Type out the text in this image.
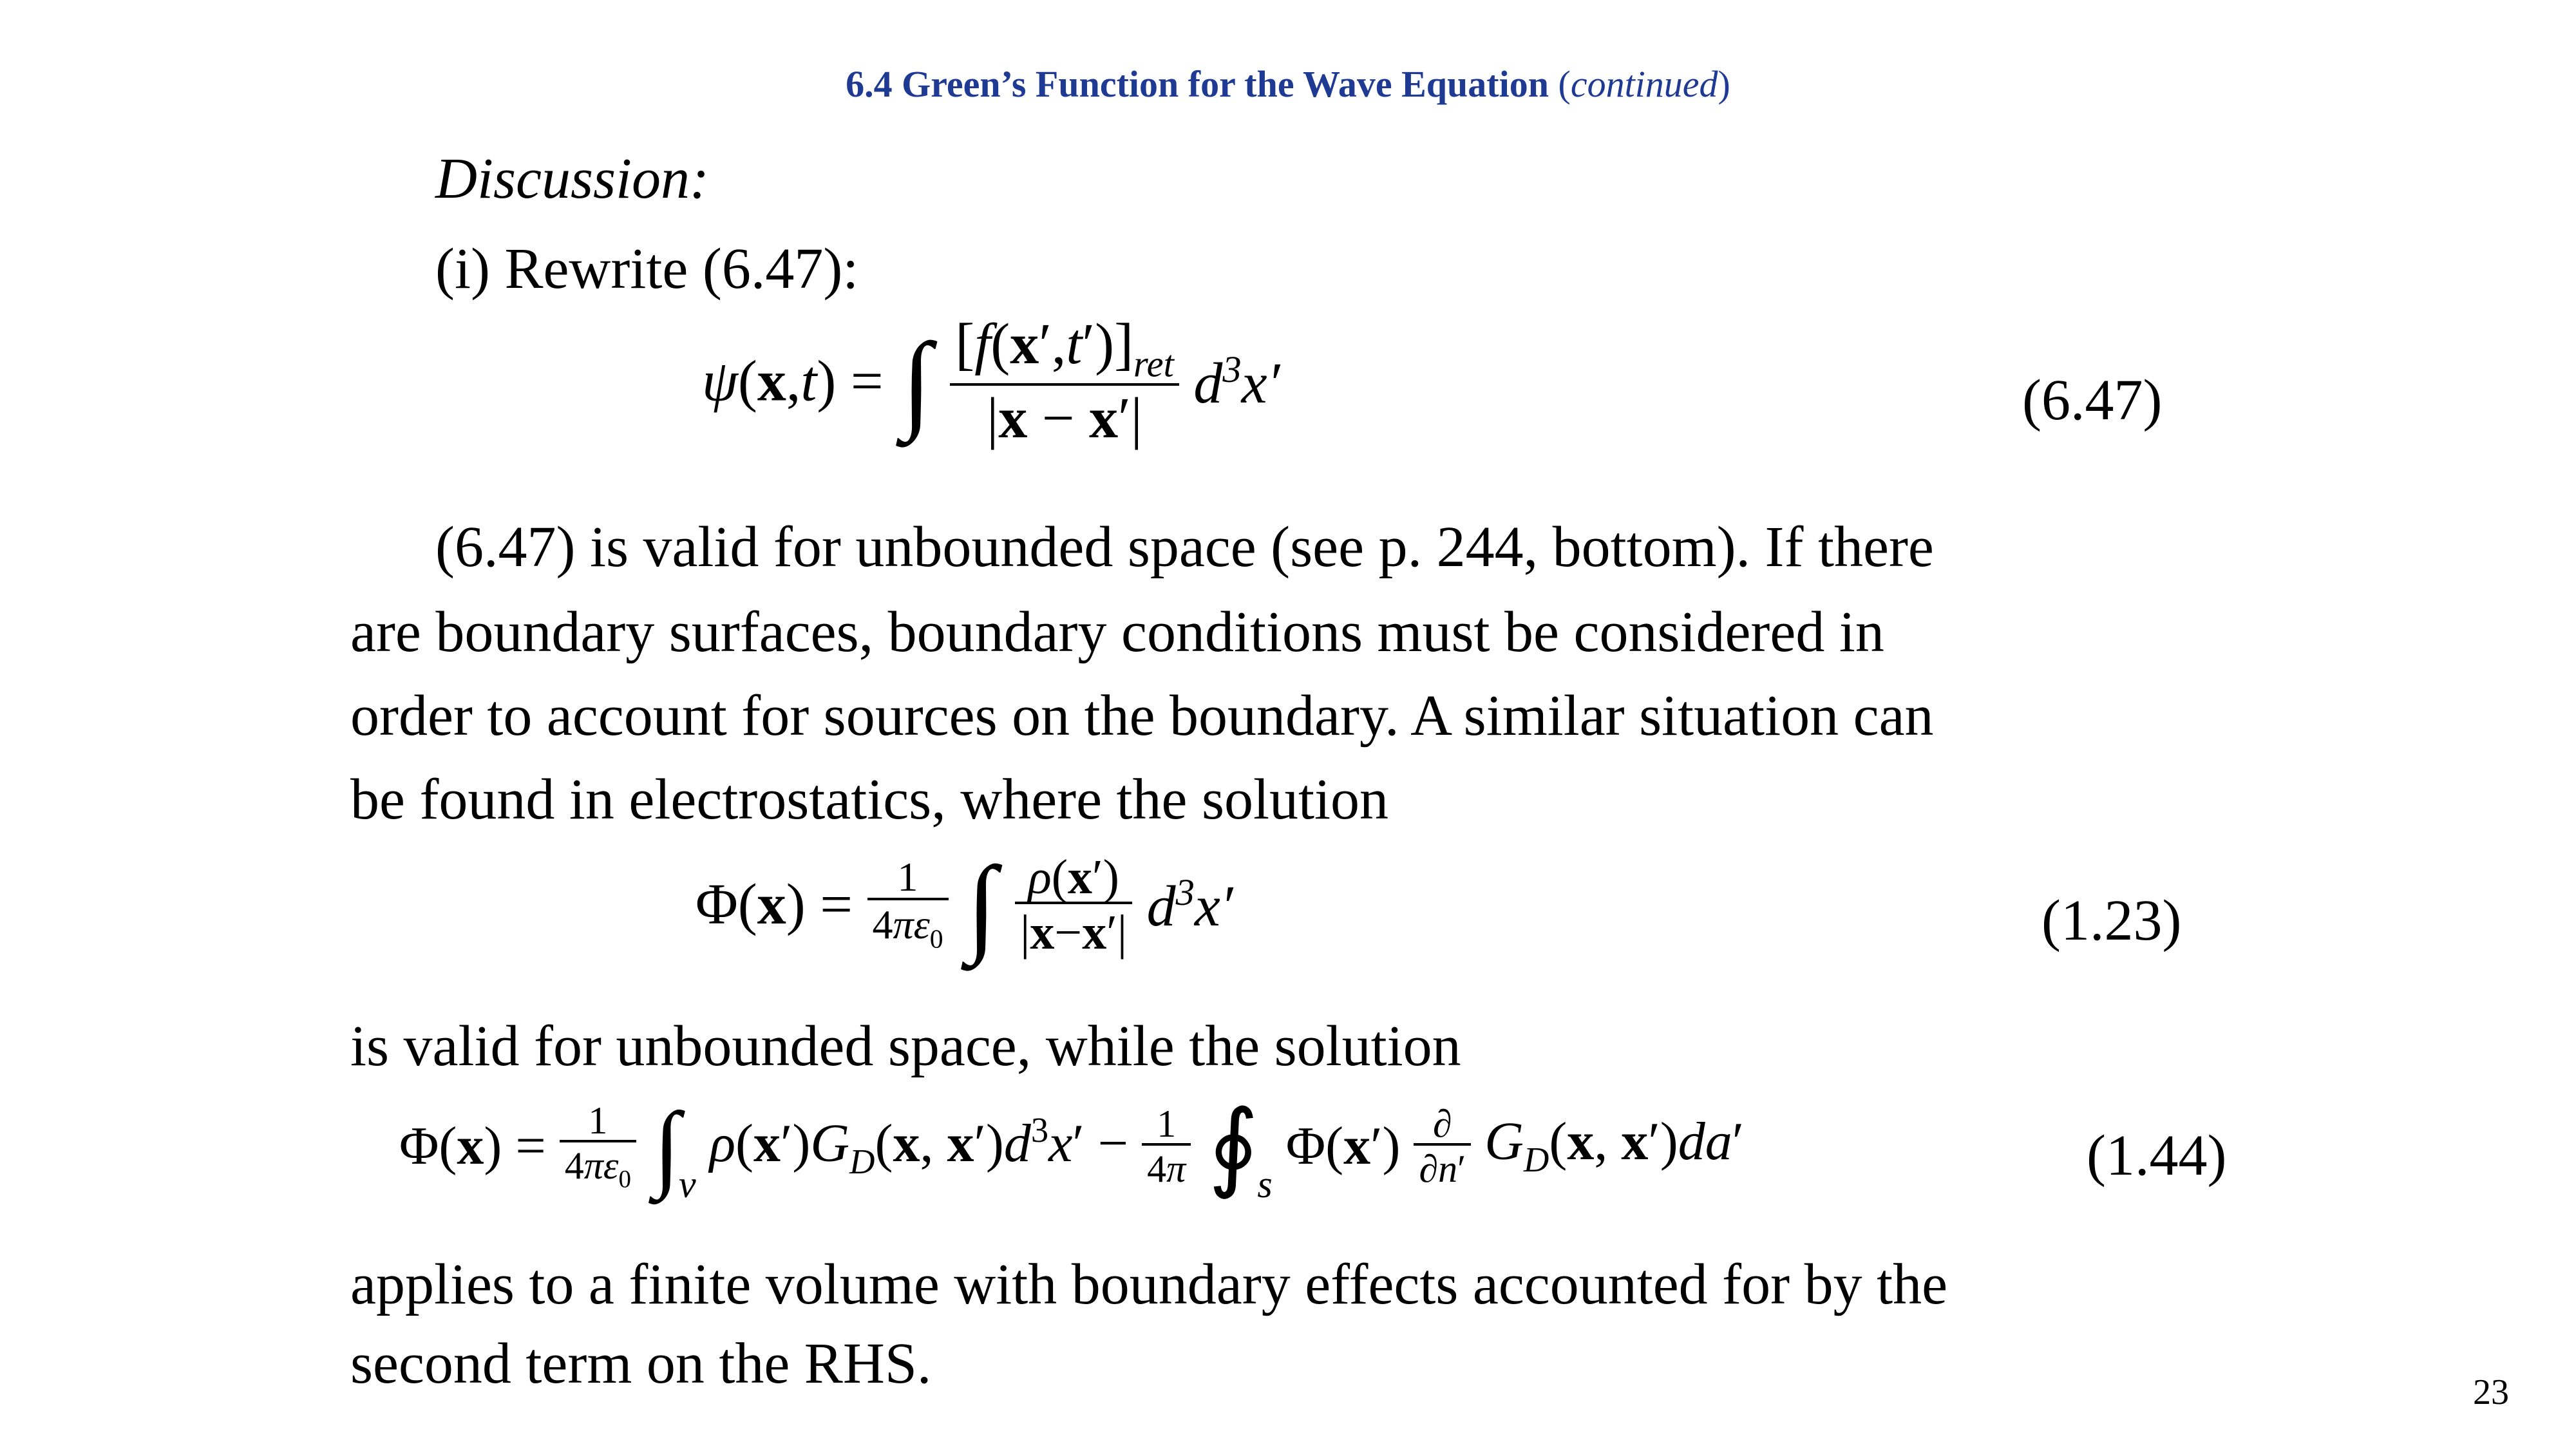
6.4 Green’s Function for the Wave Equation (continued)
Discussion:
(i) Rewrite (6.47):
ψ(x,t) = ∫ $\frac{[f(x',t')]_{ret}}{|x - x'|} d^3x'$	(6.47)
(6.47) is valid for unbounded space (see p. 244, bottom). If there
are boundary surfaces, boundary conditions must be considered in
order to account for sources on the boundary. A similar situation can
be found in electrostatics, where the solution
$\Phi(x) = \frac{1}{4\pi\varepsilon_0}$ ∫ $\frac{\rho(x')}{|x-x'|} d^3x'$	(1.23)
is valid for unbounded space, while the solution
$\Phi(x) = \frac{1}{4\pi\varepsilon_0} \int_v$ $\rho(x')G_D(x$, $x')d^3x' - \frac{1}{4\pi}$ $∮_s$ $\Phi(x') \frac{\partial}{\partial n'} G_D(x$, x′)da′	(1.44)
applies to a finite volume with boundary effects accounted for by the
second term on the RHS.	23
